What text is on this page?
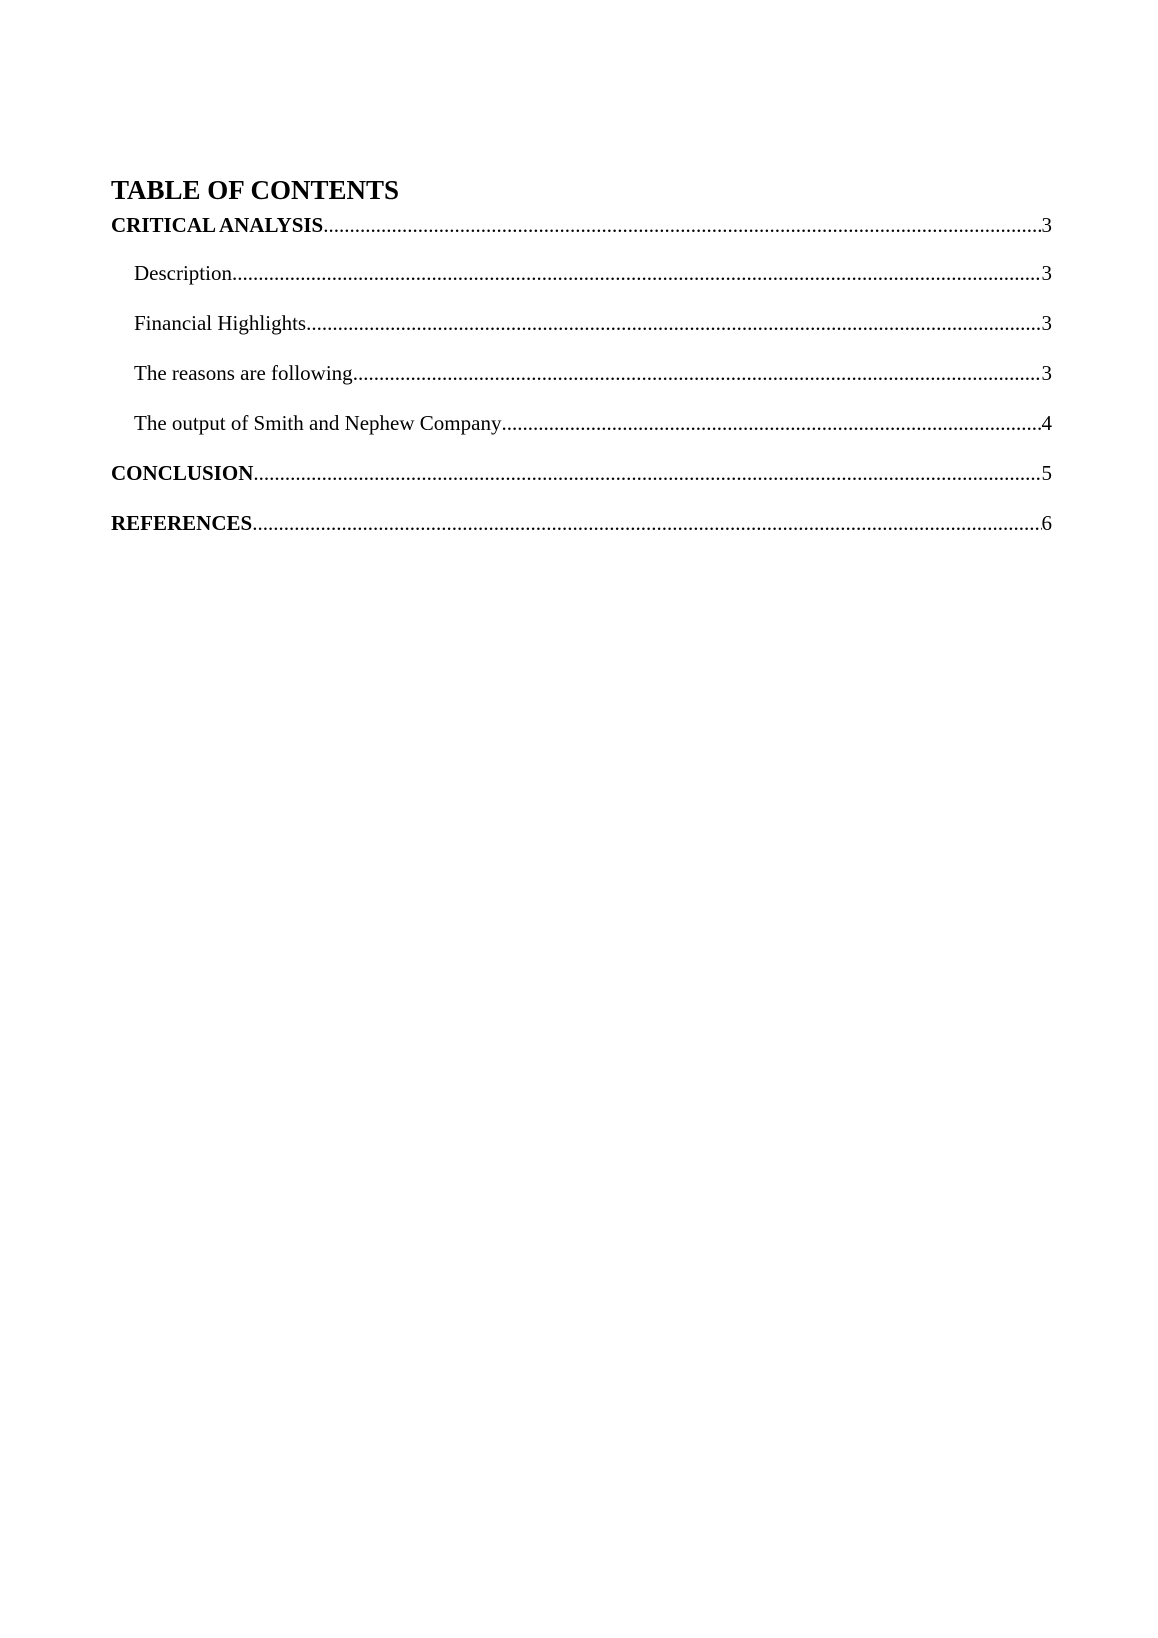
TABLE OF CONTENTS
CRITICAL ANALYSIS .....	3
Description .....	3
Financial Highlights .....	3
The reasons are following .....	3
The output of Smith and Nephew Company .....	4
CONCLUSION .....	5
REFERENCES .....	6
